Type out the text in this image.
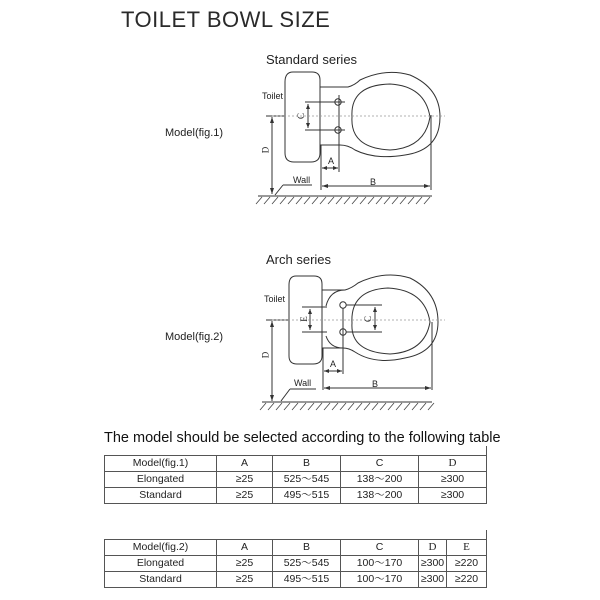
TOILET BOWL SIZE
Standard series
Model(fig.1)
Toilet
Wall
A
B
C
D
Arch series
Model(fig.2)
Toilet
Wall
A
B
C
E
D
The model should be selected according to the following table
Model(fig.1)	A	B	C	D
Elongated	≥25	525～545	138～200	≥300
Standard	≥25	495～515	138～200	≥300
Model(fig.2)	A	B	C	D	E
Elongated	≥25	525～545	100～170	≥300	≥220
Standard	≥25	495～515	100～170	≥300	≥220
